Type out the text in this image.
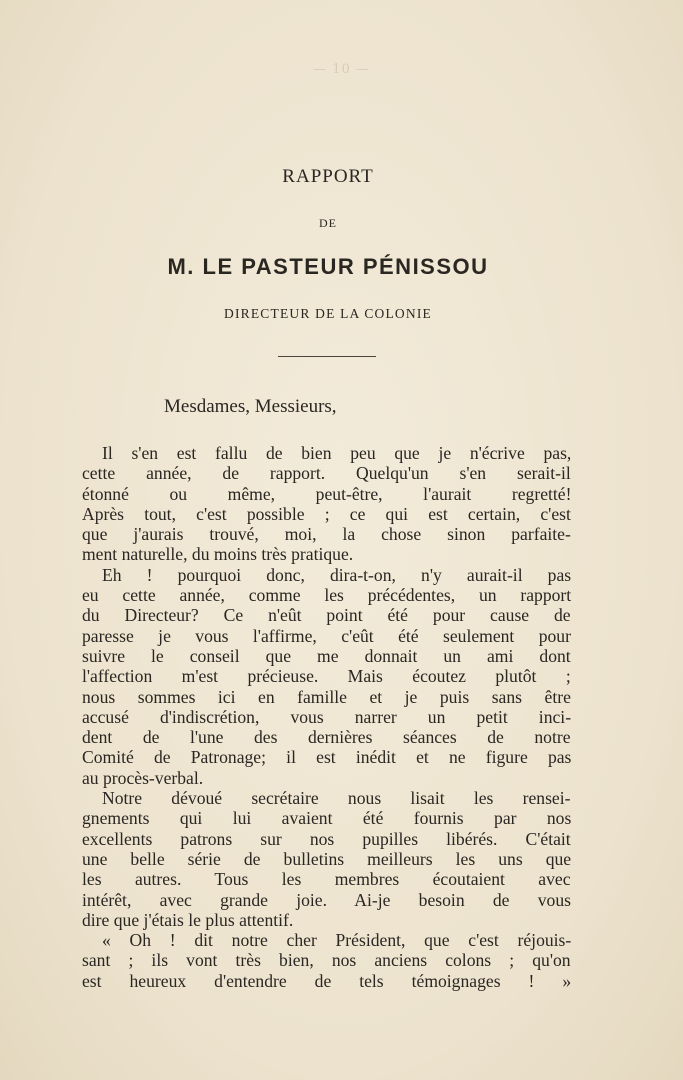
— 10 —
RAPPORT
DE
M. LE PASTEUR PÉNISSOU
DIRECTEUR DE LA COLONIE
Mesdames, Messieurs,

Il s'en est fallu de bien peu que je n'écrive pas,

cette année, de rapport. Quelqu'un s'en serait-il

étonné ou même, peut-être, l'aurait regretté!

Après tout, c'est possible ; ce qui est certain, c'est

que j'aurais trouvé, moi, la chose sinon parfaite-

ment naturelle, du moins très pratique.

Eh ! pourquoi donc, dira-t-on, n'y aurait-il pas

eu cette année, comme les précédentes, un rapport

du Directeur? Ce n'eût point été pour cause de

paresse je vous l'affirme, c'eût été seulement pour

suivre le conseil que me donnait un ami dont

l'affection m'est précieuse. Mais écoutez plutôt ;

nous sommes ici en famille et je puis sans être

accusé d'indiscrétion, vous narrer un petit inci-

dent de l'une des dernières séances de notre

Comité de Patronage; il est inédit et ne figure pas

au procès-verbal.

Notre dévoué secrétaire nous lisait les rensei-

gnements qui lui avaient été fournis par nos

excellents patrons sur nos pupilles libérés. C'était

une belle série de bulletins meilleurs les uns que

les autres. Tous les membres écoutaient avec

intérêt, avec grande joie. Ai-je besoin de vous

dire que j'étais le plus attentif.

« Oh ! dit notre cher Président, que c'est réjouis-

sant ; ils vont très bien, nos anciens colons ; qu'on

est heureux d'entendre de tels témoignages ! »
